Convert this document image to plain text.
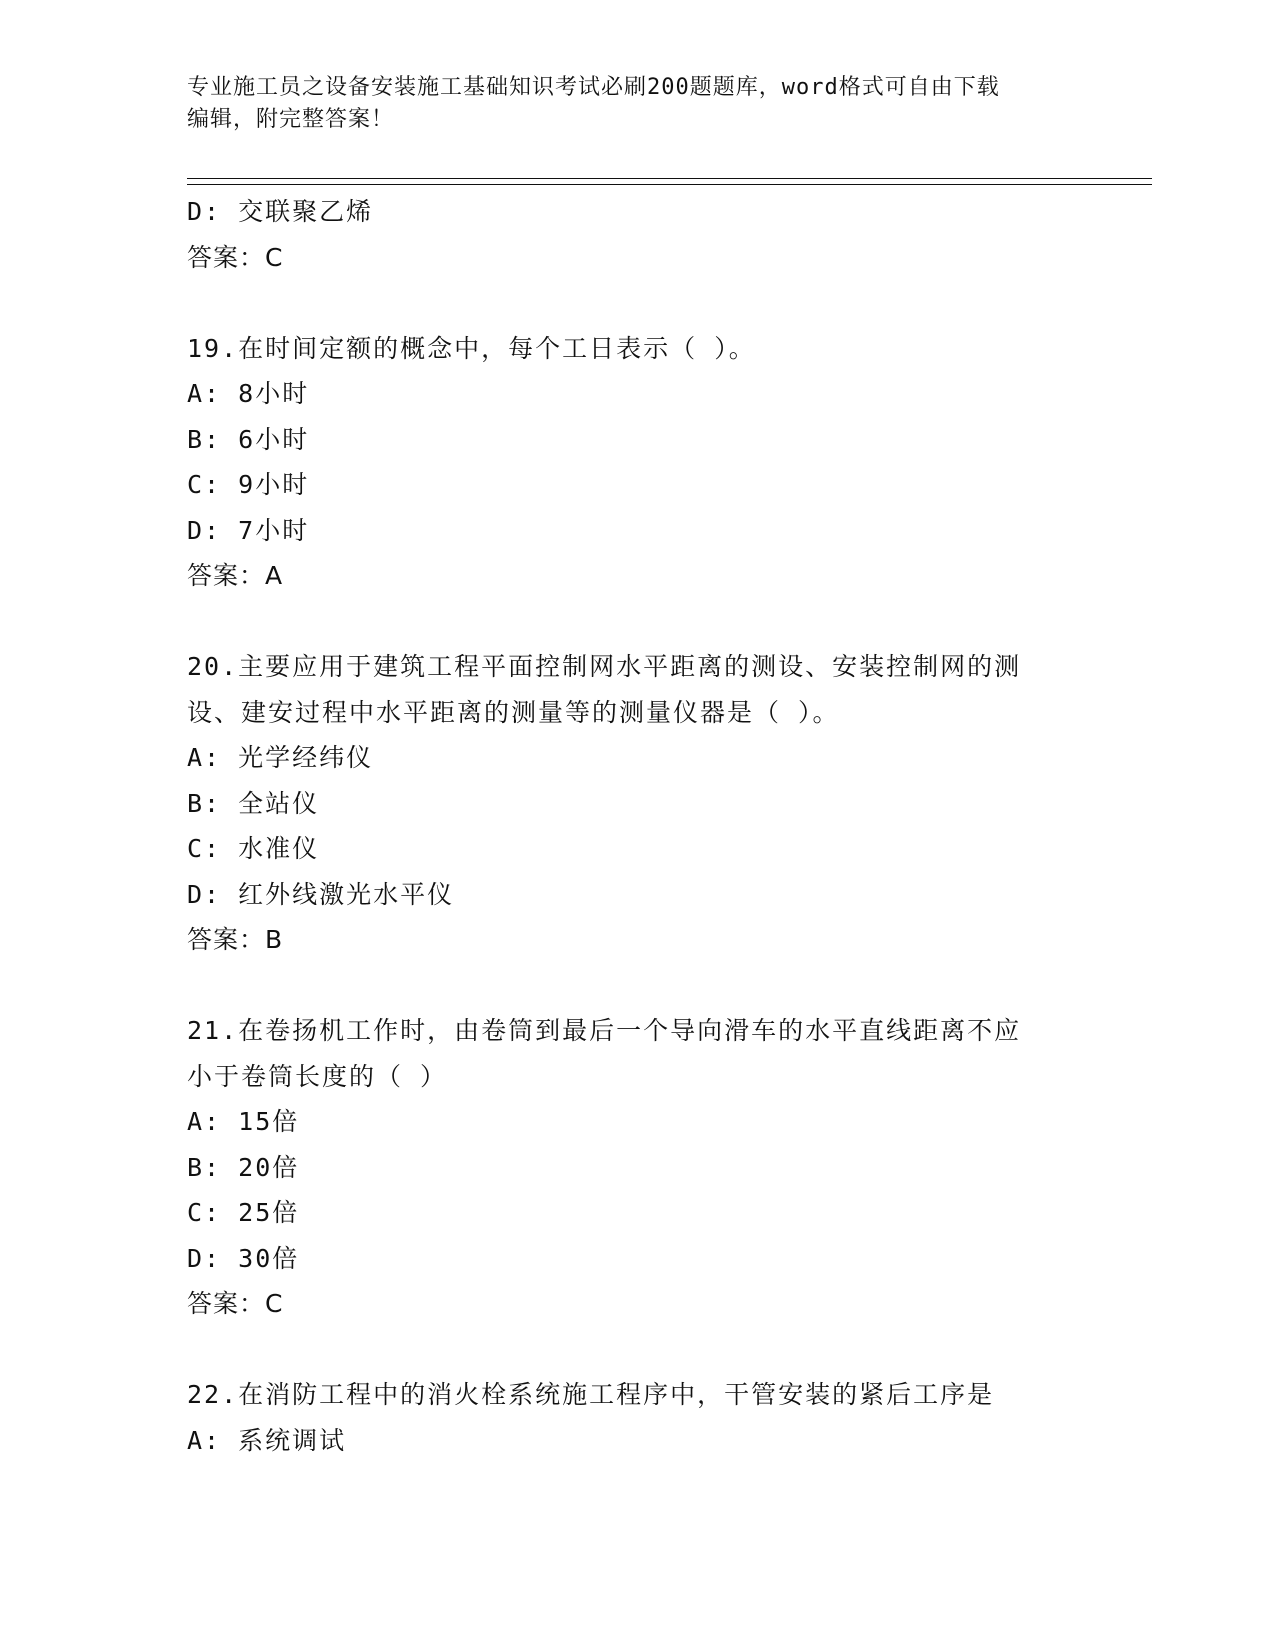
专业施工员之设备安装施工基础知识考试必刷200题题库，word格式可自由下载
编辑，附完整答案！
D: 交联聚乙烯
答案：C
19.在时间定额的概念中，每个工日表示（ ）。
A: 8小时
B: 6小时
C: 9小时
D: 7小时
答案：A
20.主要应用于建筑工程平面控制网水平距离的测设、安装控制网的测
设、建安过程中水平距离的测量等的测量仪器是（ ）。
A: 光学经纬仪
B: 全站仪
C: 水准仪
D: 红外线激光水平仪
答案：B
21.在卷扬机工作时，由卷筒到最后一个导向滑车的水平直线距离不应
小于卷筒长度的（ ）
A: 15倍
B: 20倍
C: 25倍
D: 30倍
答案：C
22.在消防工程中的消火栓系统施工程序中，干管安装的紧后工序是
A: 系统调试
